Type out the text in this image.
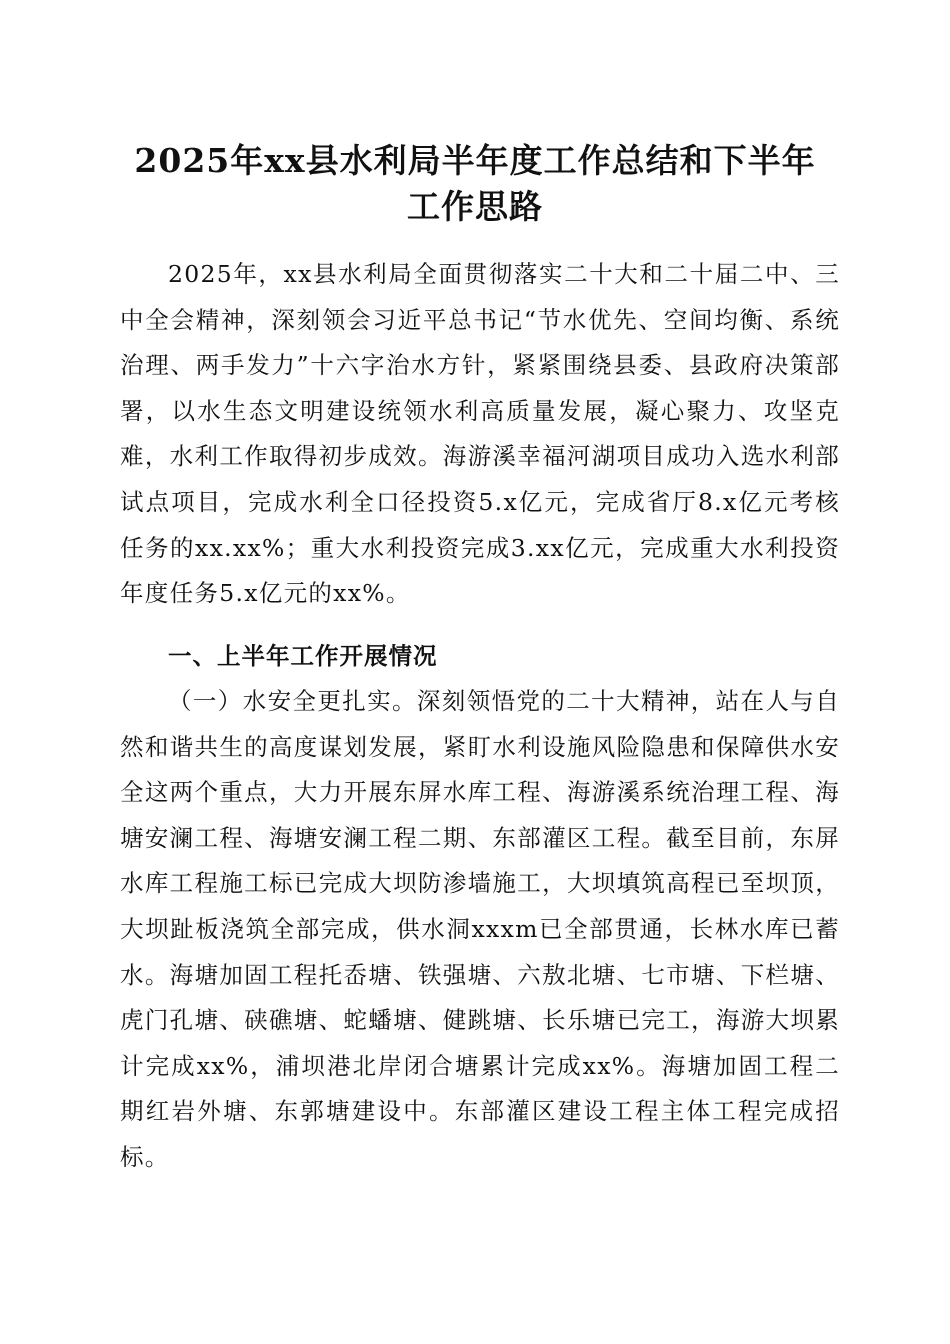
2025年xx县水利局半年度工作总结和下半年
工作思路

2025年，xx县水利局全面贯彻落实二十大和二十届二中、三中全会精神，深刻领会习近平总书记“节水优先、空间均衡、系统治理、两手发力”十六字治水方针，紧紧围绕县委、县政府决策部署，以水生态文明建设统领水利高质量发展，凝心聚力、攻坚克难，水利工作取得初步成效。海游溪幸福河湖项目成功入选水利部试点项目，完成水利全口径投资5.x亿元，完成省厅8.x亿元考核任务的xx.xx%；重大水利投资完成3.xx亿元，完成重大水利投资年度任务5.x亿元的xx%。

一、上半年工作开展情况

（一）水安全更扎实。深刻领悟党的二十大精神，站在人与自然和谐共生的高度谋划发展，紧盯水利设施风险隐患和保障供水安全这两个重点，大力开展东屏水库工程、海游溪系统治理工程、海塘安澜工程、海塘安澜工程二期、东部灌区工程。截至目前，东屏水库工程施工标已完成大坝防渗墙施工，大坝填筑高程已至坝顶，大坝趾板浇筑全部完成，供水洞xxxm已全部贯通，长林水库已蓄水。海塘加固工程托岙塘、铁强塘、六敖北塘、七市塘、下栏塘、虎门孔塘、硖礁塘、蛇蟠塘、健跳塘、长乐塘已完工，海游大坝累计完成xx%，浦坝港北岸闭合塘累计完成xx%。海塘加固工程二期红岩外塘、东郭塘建设中。东部灌区建设工程主体工程完成招标。
